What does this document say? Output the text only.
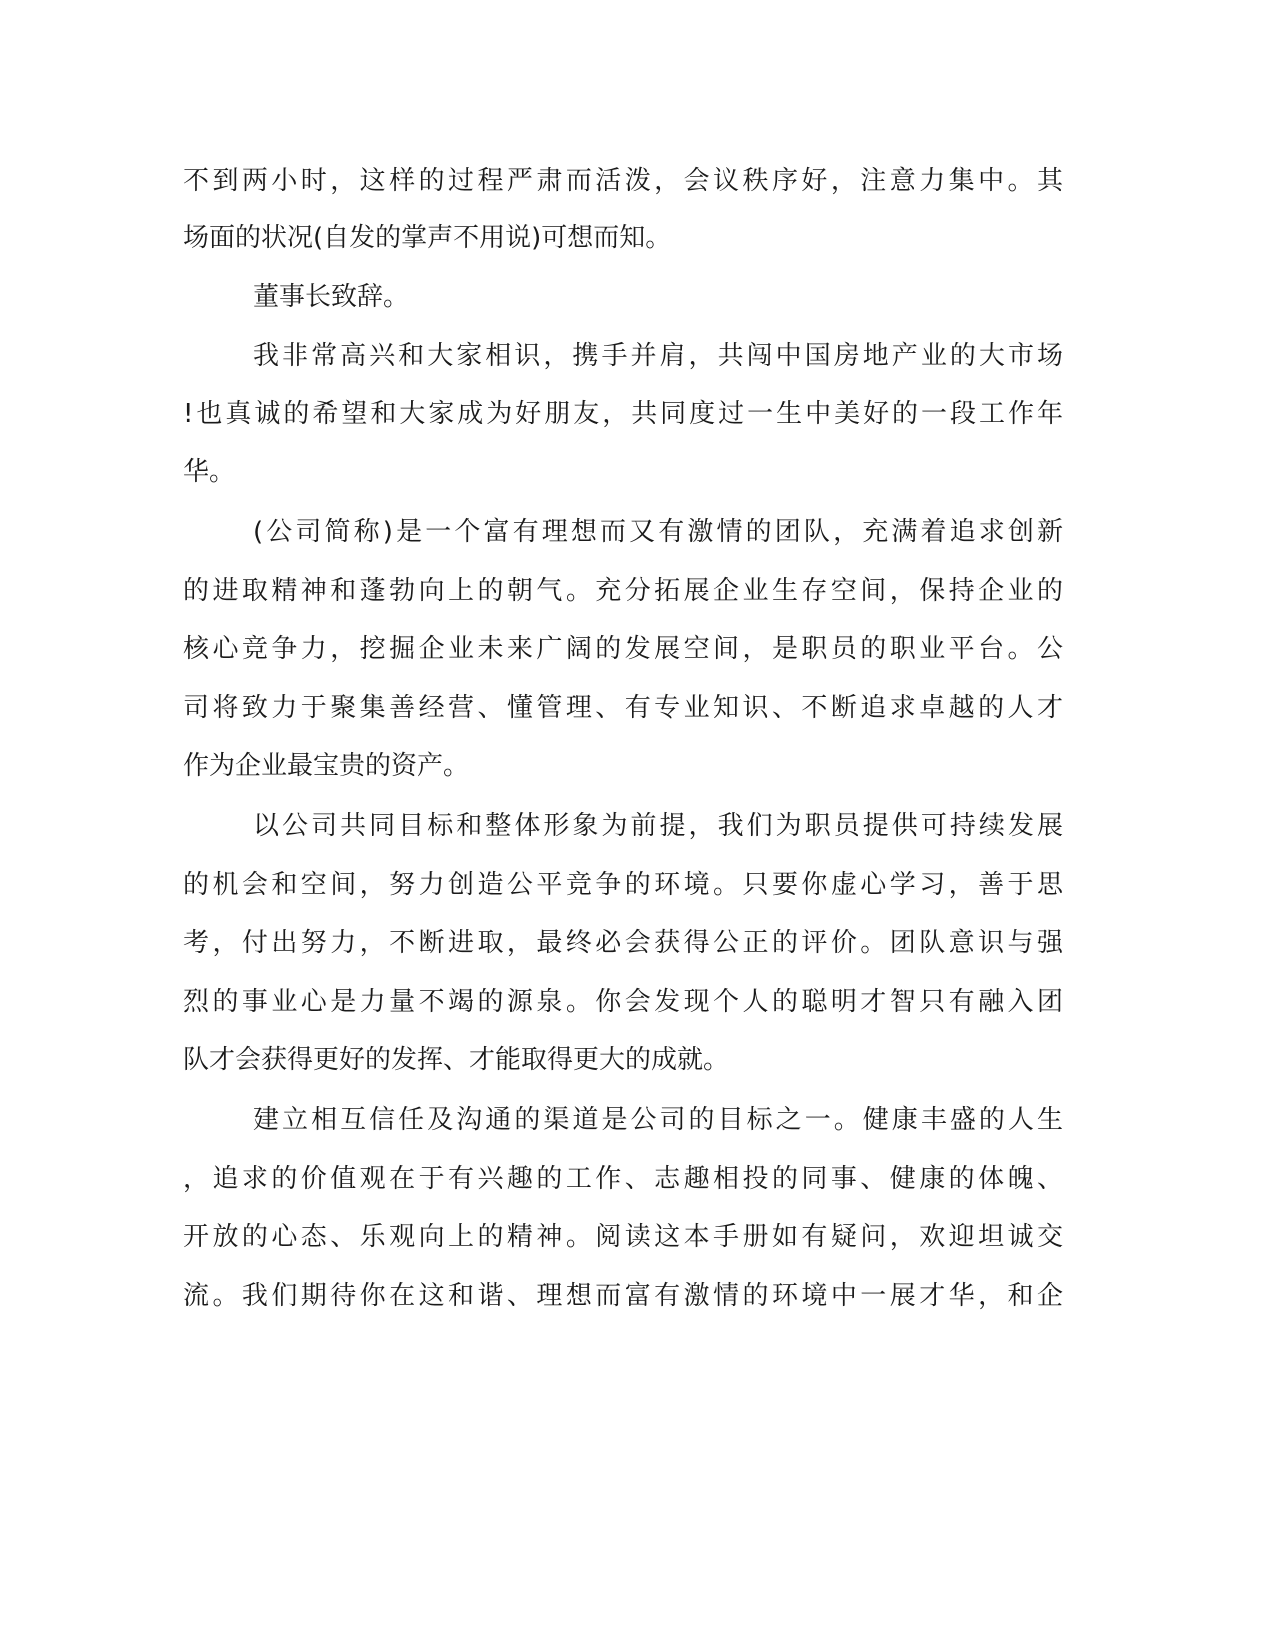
不到两小时，这样的过程严肃而活泼，会议秩序好，注意力集中。其
场面的状况(自发的掌声不用说)可想而知。
董事长致辞。
我非常高兴和大家相识，携手并肩，共闯中国房地产业的大市场
!也真诚的希望和大家成为好朋友，共同度过一生中美好的一段工作年
华。
(公司简称)是一个富有理想而又有激情的团队，充满着追求创新
的进取精神和蓬勃向上的朝气。充分拓展企业生存空间，保持企业的
核心竞争力，挖掘企业未来广阔的发展空间，是职员的职业平台。公
司将致力于聚集善经营、懂管理、有专业知识、不断追求卓越的人才
作为企业最宝贵的资产。
以公司共同目标和整体形象为前提，我们为职员提供可持续发展
的机会和空间，努力创造公平竞争的环境。只要你虚心学习，善于思
考，付出努力，不断进取，最终必会获得公正的评价。团队意识与强
烈的事业心是力量不竭的源泉。你会发现个人的聪明才智只有融入团
队才会获得更好的发挥、才能取得更大的成就。
建立相互信任及沟通的渠道是公司的目标之一。健康丰盛的人生
，追求的价值观在于有兴趣的工作、志趣相投的同事、健康的体魄、
开放的心态、乐观向上的精神。阅读这本手册如有疑问，欢迎坦诚交
流。我们期待你在这和谐、理想而富有激情的环境中一展才华，和企
